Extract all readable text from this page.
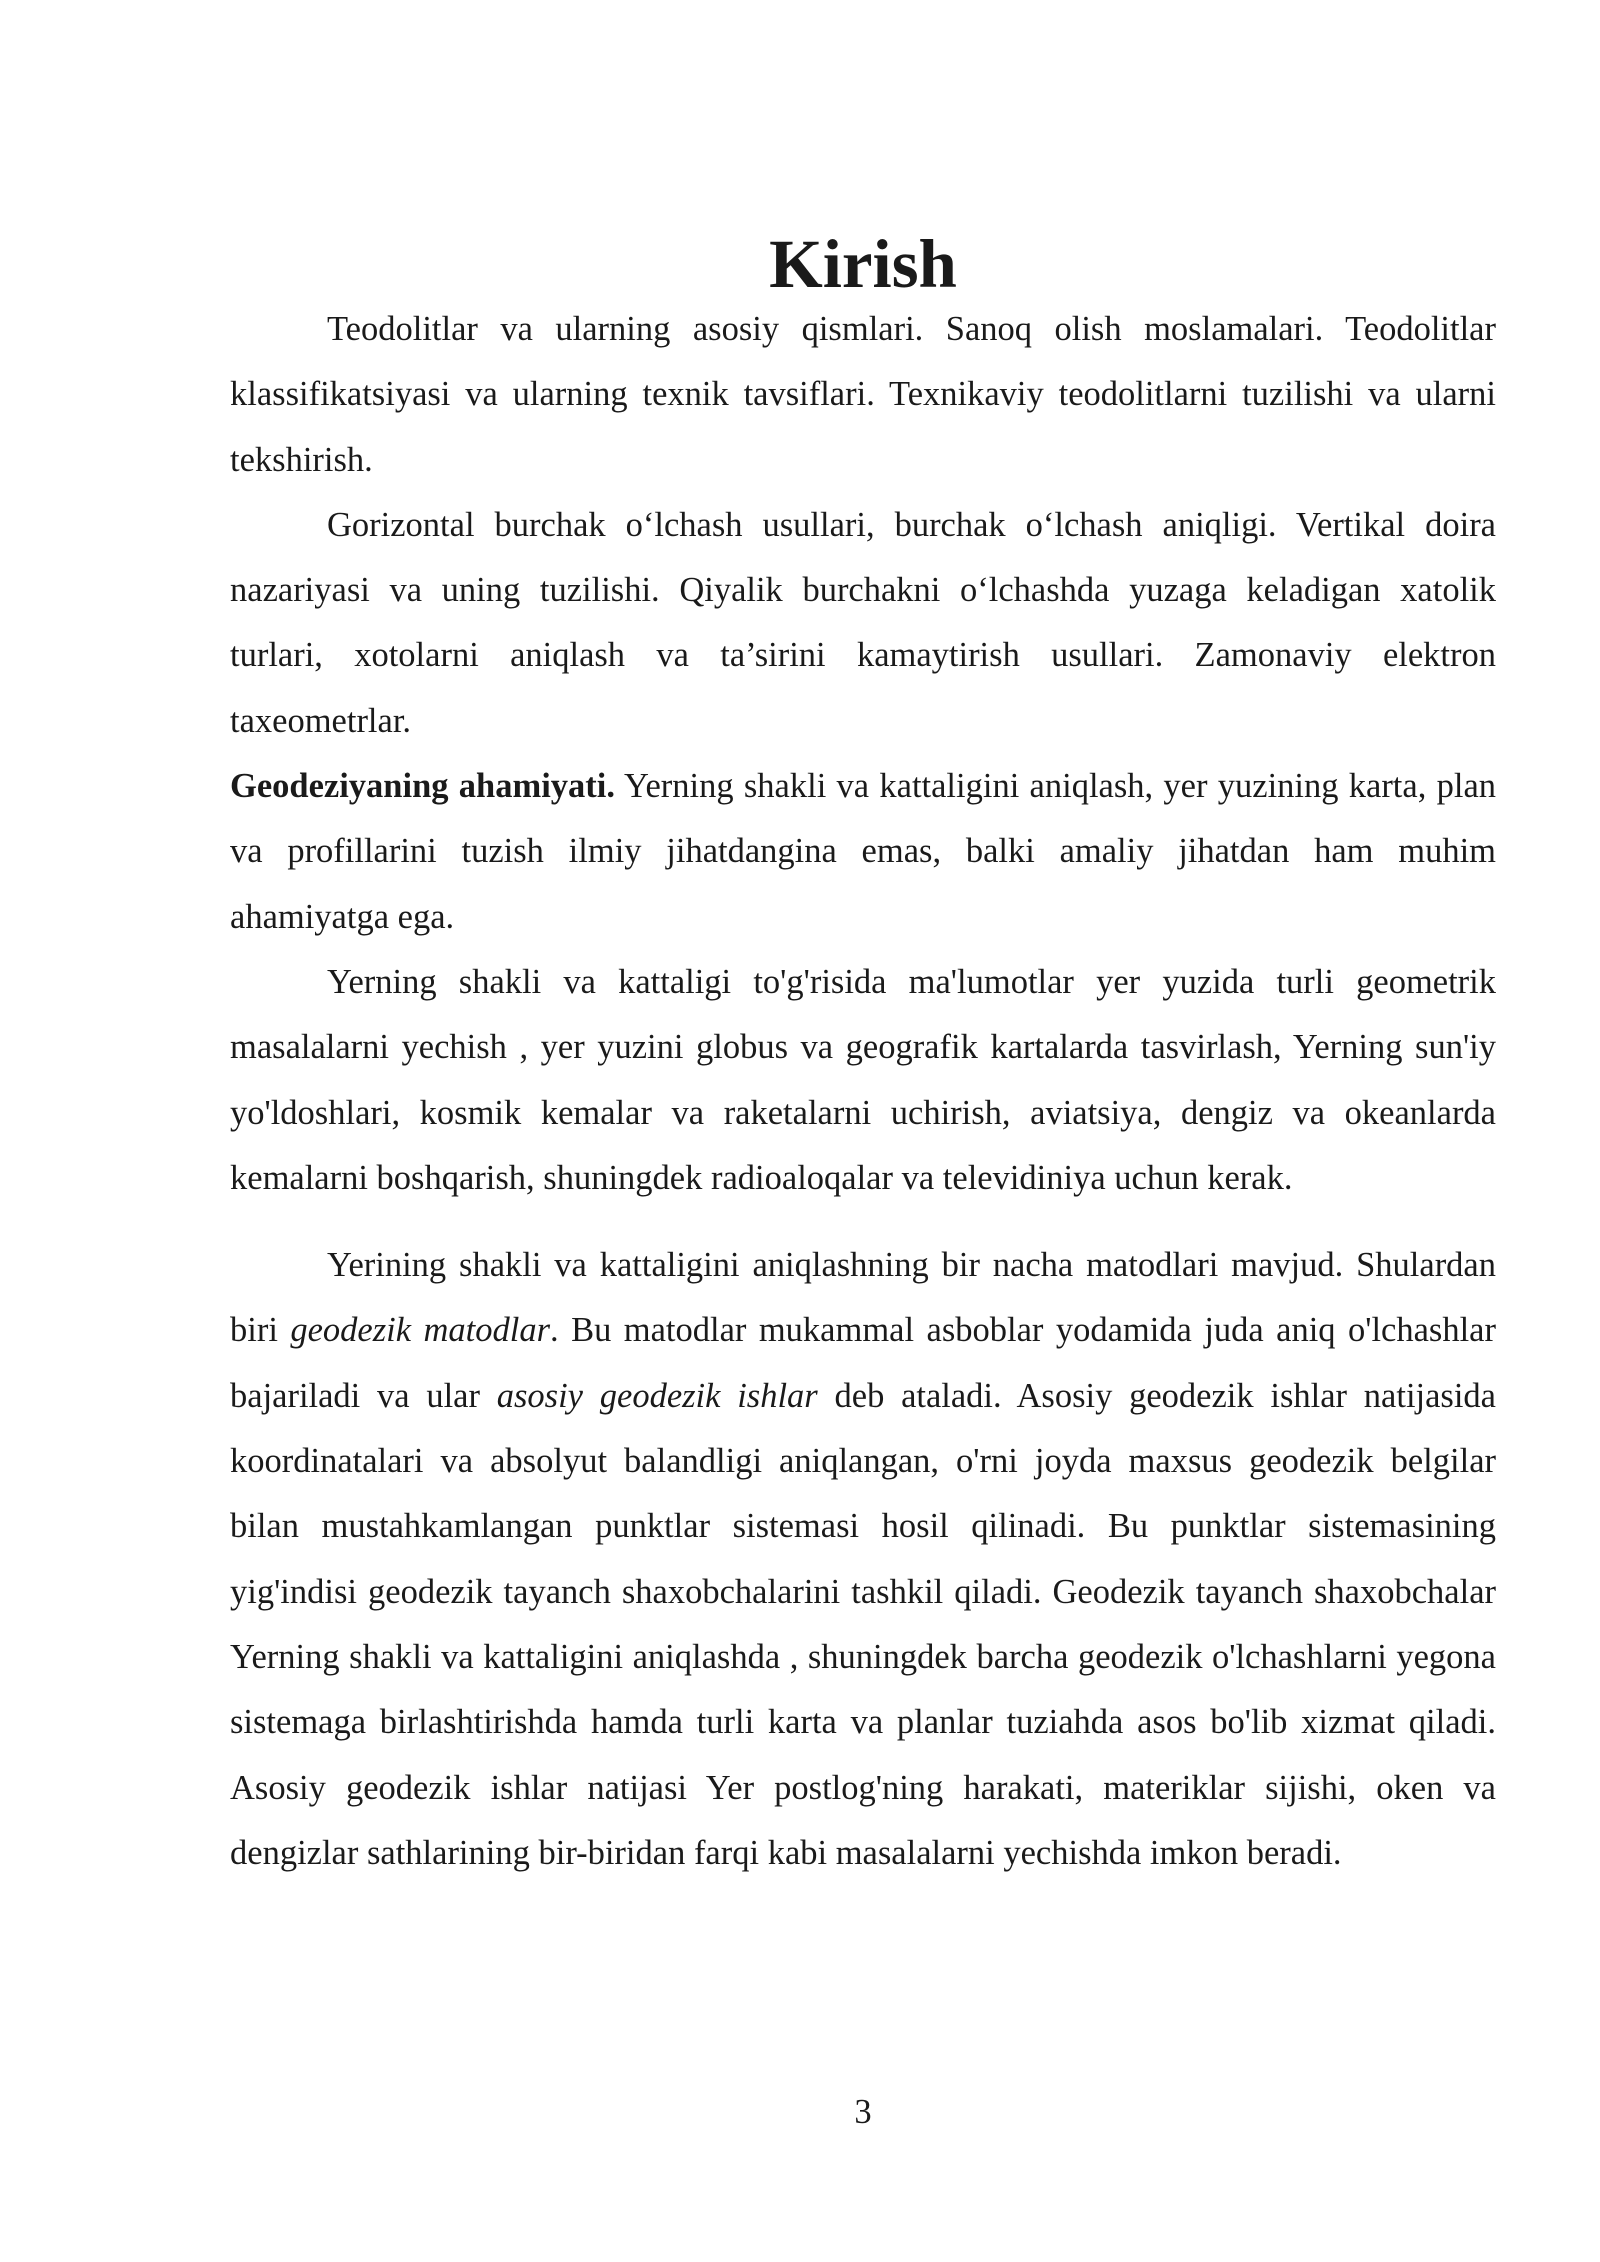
Kirish

Teodolitlar va ularning asosiy qismlari. Sanoq olish moslamalari. Teodolitlar klassifikatsiyasi va ularning texnik tavsiflari. Texnikaviy teodolitlarni tuzilishi va ularni tekshirish.

Gorizontal burchak o‘lchash usullari, burchak o‘lchash aniqligi. Vertikal doira nazariyasi va uning tuzilishi. Qiyalik burchakni o‘lchashda yuzaga keladigan xatolik turlari, xotolarni aniqlash va ta’sirini kamaytirish usullari. Zamonaviy elektron taxeometrlar.

Geodeziyaning ahamiyati. Yerning shakli va kattaligini aniqlash, yer yuzining karta, plan va profillarini tuzish ilmiy jihatdangina emas, balki amaliy jihatdan ham muhim ahamiyatga ega.

Yerning shakli va kattaligi to'g'risida ma'lumotlar yer yuzida turli geometrik masalalarni yechish , yer yuzini globus va geografik kartalarda tasvirlash, Yerning sun'iy yo'ldoshlari, kosmik kemalar va raketalarni uchirish, aviatsiya, dengiz va okeanlarda kemalarni boshqarish, shuningdek radioaloqalar va televidiniya uchun kerak.

Yerining shakli va kattaligini aniqlashning bir nacha matodlari mavjud. Shulardan biri geodezik matodlar. Bu matodlar mukammal asboblar yodamida juda aniq o'lchashlar bajariladi va ular asosiy geodezik ishlar deb ataladi. Asosiy geodezik ishlar natijasida koordinatalari va absolyut balandligi aniqlangan, o'rni joyda maxsus geodezik belgilar bilan mustahkamlangan punktlar sistemasi hosil qilinadi. Bu punktlar sistemasining yig'indisi geodezik tayanch shaxobchalarini tashkil qiladi. Geodezik tayanch shaxobchalar Yerning shakli va kattaligini aniqlashda , shuningdek barcha geodezik o'lchashlarni yegona sistemaga birlashtirishda hamda turli karta va planlar tuziahda asos bo'lib xizmat qiladi. Asosiy geodezik ishlar natijasi Yer postlog'ning harakati, materiklar sijishi, oken va dengizlar sathlarining bir-biridan farqi kabi masalalarni yechishda imkon beradi.

3
